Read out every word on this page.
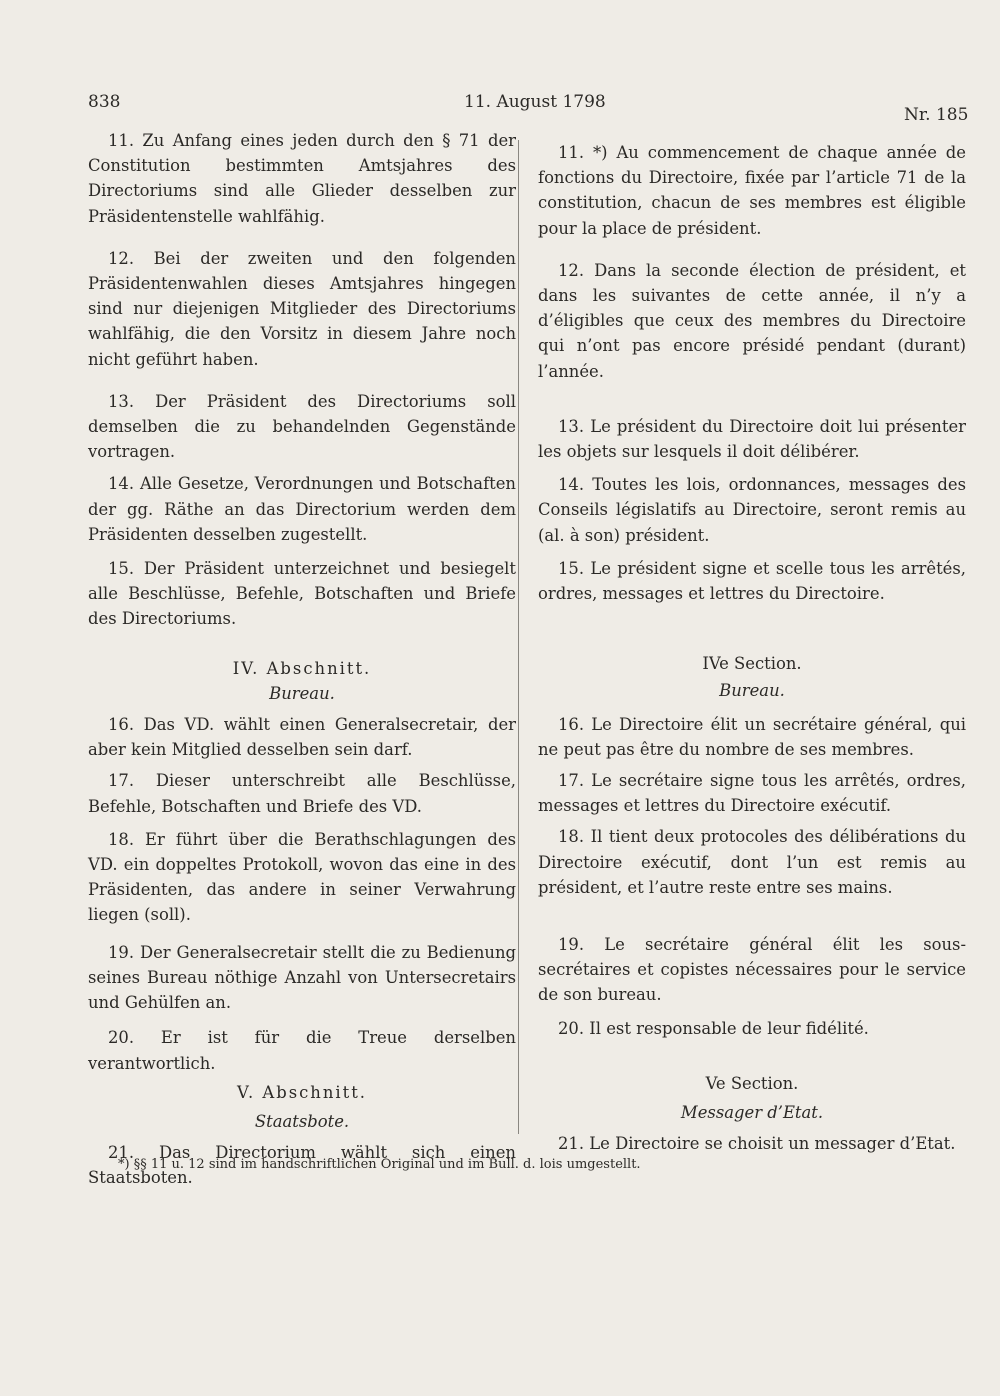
838	11. August 1798
Nr. 185

11. Zu Anfang eines jeden durch den § 71 der Constitution bestimmten Amtsjahres des Directoriums sind alle Glieder desselben zur Präsidentenstelle wahlfähig.

12. Bei der zweiten und den folgenden Präsidentenwahlen dieses Amtsjahres hingegen sind nur diejenigen Mitglieder des Directoriums wahlfähig, die den Vorsitz in diesem Jahre noch nicht geführt haben.

13. Der Präsident des Directoriums soll demselben die zu behandelnden Gegenstände vortragen.

14. Alle Gesetze, Verordnungen und Botschaften der gg. Räthe an das Directorium werden dem Präsidenten desselben zugestellt.

15. Der Präsident unterzeichnet und besiegelt alle Beschlüsse, Befehle, Botschaften und Briefe des Directoriums.

IV. Abschnitt.

Bureau.

16. Das VD. wählt einen Generalsecretair, der aber kein Mitglied desselben sein darf.

17. Dieser unterschreibt alle Beschlüsse, Befehle, Botschaften und Briefe des VD.

18. Er führt über die Berathschlagungen des VD. ein doppeltes Protokoll, wovon das eine in des Präsidenten, das andere in seiner Verwahrung liegen (soll).

19. Der Generalsecretair stellt die zu Bedienung seines Bureau nöthige Anzahl von Untersecretairs und Gehülfen an.

20. Er ist für die Treue derselben verantwortlich.

V. Abschnitt.

Staatsbote.

21. Das Directorium wählt sich einen Staatsboten.

11. *) Au commencement de chaque année de fonctions du Directoire, fixée par l’article 71 de la constitution, chacun de ses membres est éligible pour la place de président.

12. Dans la seconde élection de président, et dans les suivantes de cette année, il n’y a d’éligibles que ceux des membres du Directoire qui n’ont pas encore présidé pendant (durant) l’année.

13. Le président du Directoire doit lui présenter les objets sur lesquels il doit délibérer.

14. Toutes les lois, ordonnances, messages des Conseils législatifs au Directoire, seront remis au (al. à son) président.

15. Le président signe et scelle tous les arrêtés, ordres, messages et lettres du Directoire.

IVe Section.

Bureau.

16. Le Directoire élit un secrétaire général, qui ne peut pas être du nombre de ses membres.

17. Le secrétaire signe tous les arrêtés, ordres, messages et lettres du Directoire exécutif.

18. Il tient deux protocoles des délibérations du Directoire exécutif, dont l’un est remis au président, et l’autre reste entre ses mains.

19. Le secrétaire général élit les sous-secrétaires et copistes nécessaires pour le service de son bureau.

20. Il est responsable de leur fidélité.

Ve Section.

Messager d’Etat.

21. Le Directoire se choisit un messager d’Etat.

*) §§ 11 u. 12 sind im handschriftlichen Original und im Bull. d. lois umgestellt.
